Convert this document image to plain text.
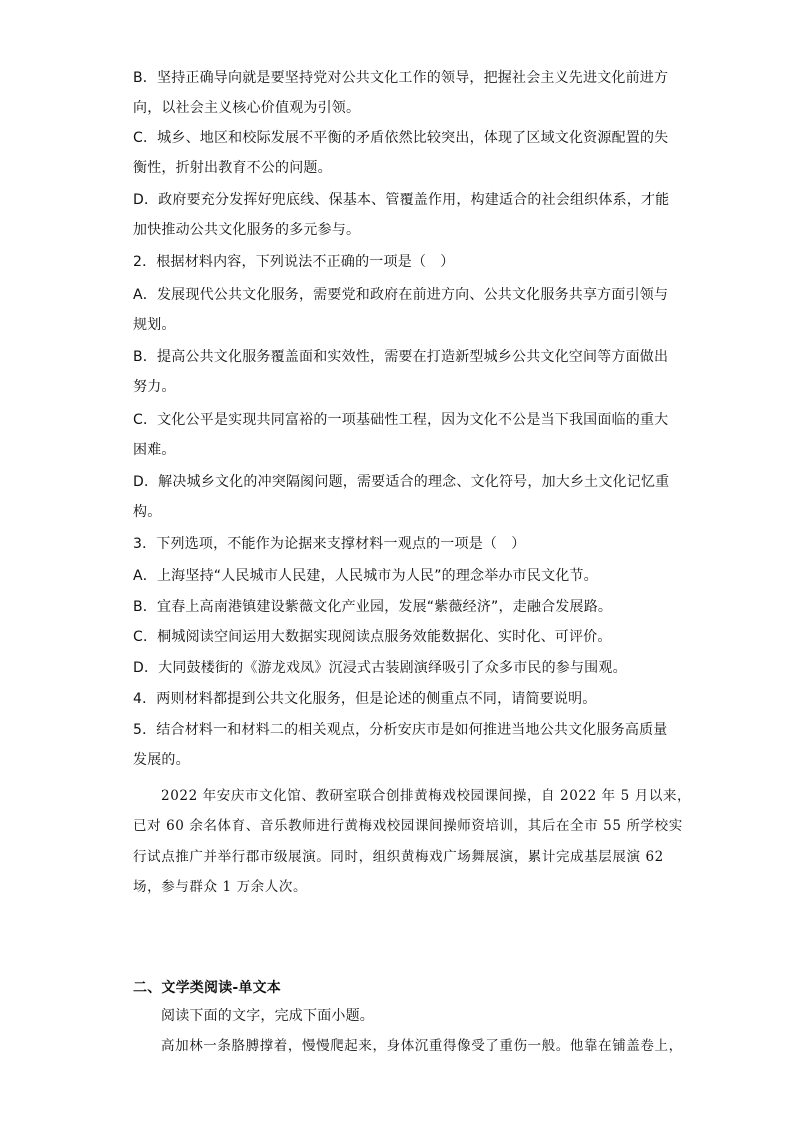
B．坚持正确导向就是要坚持党对公共文化工作的领导，把握社会主义先进文化前进方
向，以社会主义核心价值观为引领。
C．城乡、地区和校际发展不平衡的矛盾依然比较突出，体现了区域文化资源配置的失
衡性，折射出教育不公的问题。
D．政府要充分发挥好兜底线、保基本、管覆盖作用，构建适合的社会组织体系，才能
加快推动公共文化服务的多元参与。
2．根据材料内容，下列说法不正确的一项是（　）
A．发展现代公共文化服务，需要党和政府在前进方向、公共文化服务共享方面引领与
规划。
B．提高公共文化服务覆盖面和实效性，需要在打造新型城乡公共文化空间等方面做出
努力。
C．文化公平是实现共同富裕的一项基础性工程，因为文化不公是当下我国面临的重大
困难。
D．解决城乡文化的冲突隔阂问题，需要适合的理念、文化符号，加大乡土文化记忆重
构。
3．下列选项，不能作为论据来支撑材料一观点的一项是（　）
A．上海坚持“人民城市人民建，人民城市为人民”的理念举办市民文化节。
B．宜春上高南港镇建设紫薇文化产业园，发展“紫薇经济”，走融合发展路。
C．桐城阅读空间运用大数据实现阅读点服务效能数据化、实时化、可评价。
D．大同鼓楼街的《游龙戏凤》沉浸式古装剧演绎吸引了众多市民的参与围观。
4．两则材料都提到公共文化服务，但是论述的侧重点不同，请简要说明。
5．结合材料一和材料二的相关观点，分析安庆市是如何推进当地公共文化服务高质量
发展的。
2022 年安庆市文化馆、教研室联合创排黄梅戏校园课间操，自 2022 年 5 月以来，
已对 60 余名体育、音乐教师进行黄梅戏校园课间操师资培训，其后在全市 55 所学校实
行试点推广并举行郡市级展演。同时，组织黄梅戏广场舞展演，累计完成基层展演 62
场，参与群众 1 万余人次。
二、文学类阅读-单文本
阅读下面的文字，完成下面小题。
高加林一条胳膊撑着，慢慢爬起来，身体沉重得像受了重伤一般。他靠在铺盖卷上，
